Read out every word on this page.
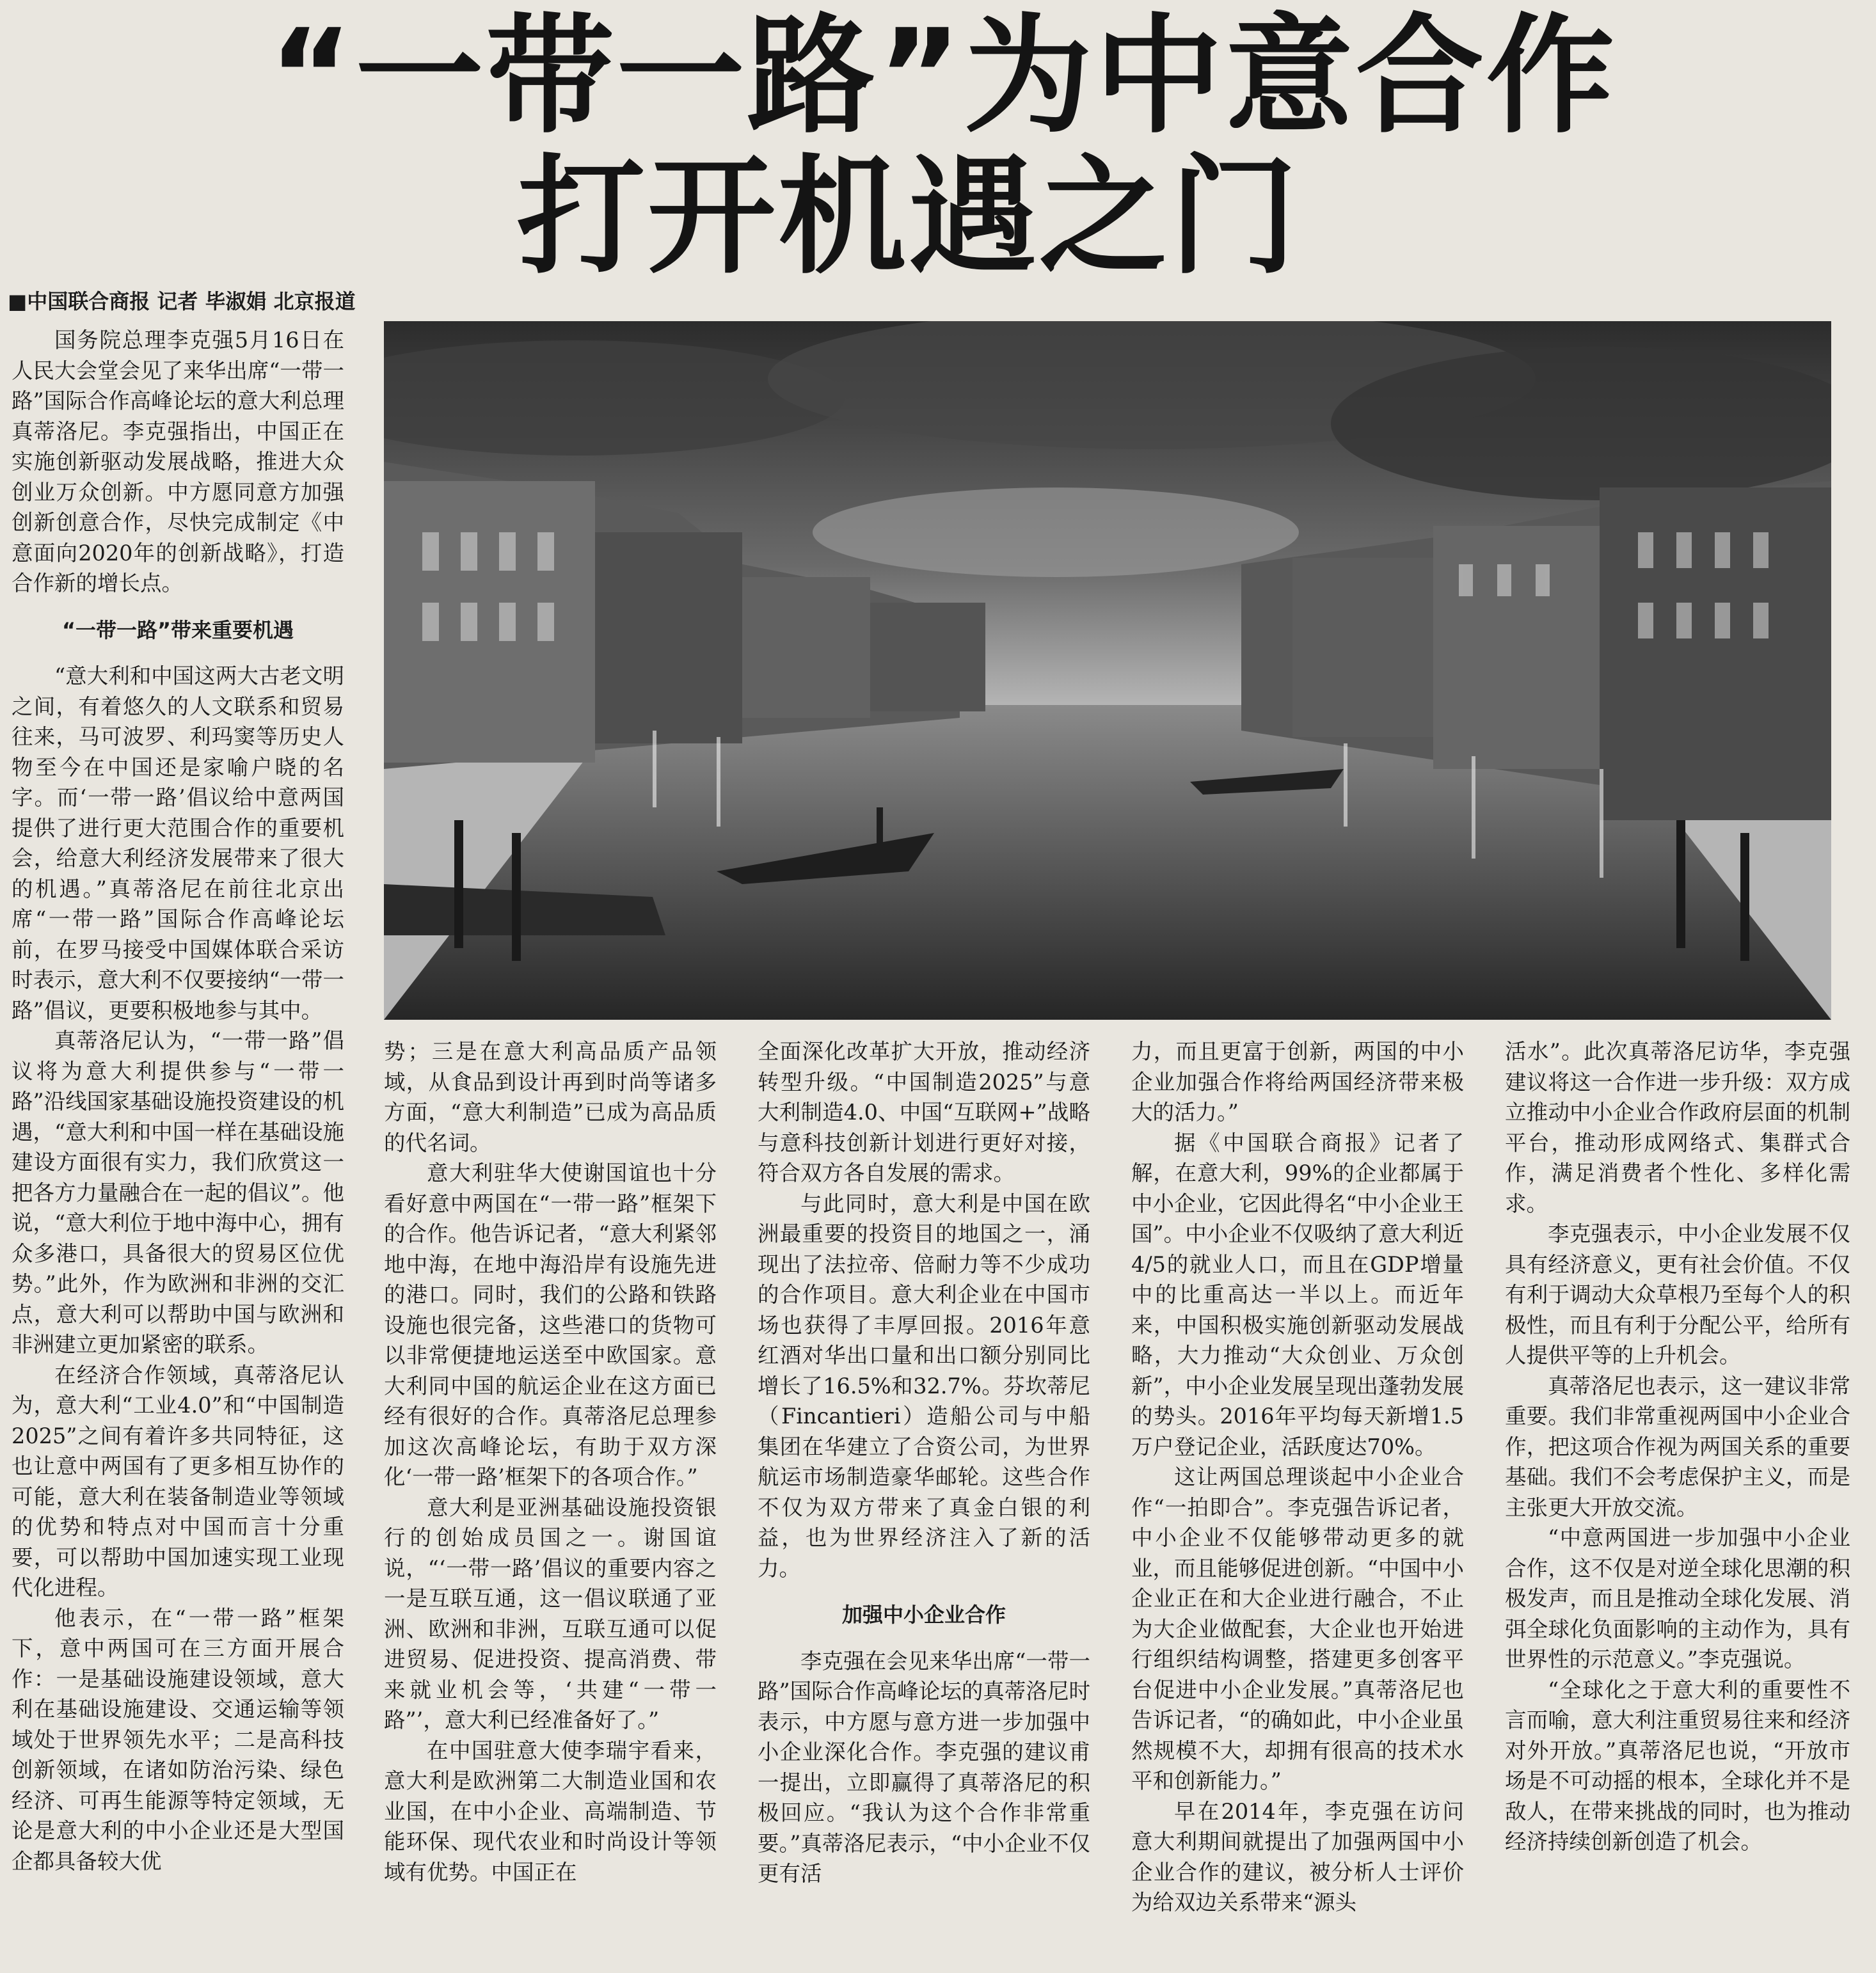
“一带一路”为中意合作
打开机遇之门
■中国联合商报 记者 毕淑娟 北京报道

国务院总理李克强5月16日在人民大会堂会见了来华出席“一带一路”国际合作高峰论坛的意大利总理真蒂洛尼。李克强指出，中国正在实施创新驱动发展战略，推进大众创业万众创新。中方愿同意方加强创新创意合作，尽快完成制定《中意面向2020年的创新战略》，打造合作新的增长点。

“一带一路”带来重要机遇

“意大利和中国这两大古老文明之间，有着悠久的人文联系和贸易往来，马可波罗、利玛窦等历史人物至今在中国还是家喻户晓的名字。而‘一带一路’倡议给中意两国提供了进行更大范围合作的重要机会，给意大利经济发展带来了很大的机遇。”真蒂洛尼在前往北京出席“一带一路”国际合作高峰论坛前，在罗马接受中国媒体联合采访时表示，意大利不仅要接纳“一带一路”倡议，更要积极地参与其中。

真蒂洛尼认为，“一带一路”倡议将为意大利提供参与“一带一路”沿线国家基础设施投资建设的机遇，“意大利和中国一样在基础设施建设方面很有实力，我们欣赏这一把各方力量融合在一起的倡议”。他说，“意大利位于地中海中心，拥有众多港口，具备很大的贸易区位优势。”此外，作为欧洲和非洲的交汇点，意大利可以帮助中国与欧洲和非洲建立更加紧密的联系。

在经济合作领域，真蒂洛尼认为，意大利“工业4.0”和“中国制造2025”之间有着许多共同特征，这也让意中两国有了更多相互协作的可能，意大利在装备制造业等领域的优势和特点对中国而言十分重要，可以帮助中国加速实现工业现代化进程。

他表示，在“一带一路”框架下，意中两国可在三方面开展合作：一是基础设施建设领域，意大利在基础设施建设、交通运输等领域处于世界领先水平；二是高科技创新领域，在诸如防治污染、绿色经济、可再生能源等特定领域，无论是意大利的中小企业还是大型国企都具备较大优

势；三是在意大利高品质产品领域，从食品到设计再到时尚等诸多方面，“意大利制造”已成为高品质的代名词。

意大利驻华大使谢国谊也十分看好意中两国在“一带一路”框架下的合作。他告诉记者，“意大利紧邻地中海，在地中海沿岸有设施先进的港口。同时，我们的公路和铁路设施也很完备，这些港口的货物可以非常便捷地运送至中欧国家。意大利同中国的航运企业在这方面已经有很好的合作。真蒂洛尼总理参加这次高峰论坛，有助于双方深化‘一带一路’框架下的各项合作。”

意大利是亚洲基础设施投资银行的创始成员国之一。谢国谊说，“‘一带一路’倡议的重要内容之一是互联互通，这一倡议联通了亚洲、欧洲和非洲，互联互通可以促进贸易、促进投资、提高消费、带来就业机会等，‘共建“一带一路”’，意大利已经准备好了。”

在中国驻意大使李瑞宇看来，意大利是欧洲第二大制造业国和农业国，在中小企业、高端制造、节能环保、现代农业和时尚设计等领域有优势。中国正在

全面深化改革扩大开放，推动经济转型升级。“中国制造2025”与意大利制造4.0、中国“互联网+”战略与意科技创新计划进行更好对接，符合双方各自发展的需求。

与此同时，意大利是中国在欧洲最重要的投资目的地国之一，涌现出了法拉帝、倍耐力等不少成功的合作项目。意大利企业在中国市场也获得了丰厚回报。2016年意红酒对华出口量和出口额分别同比增长了16.5%和32.7%。芬坎蒂尼（Fincantieri）造船公司与中船集团在华建立了合资公司，为世界航运市场制造豪华邮轮。这些合作不仅为双方带来了真金白银的利益，也为世界经济注入了新的活力。

加强中小企业合作

李克强在会见来华出席“一带一路”国际合作高峰论坛的真蒂洛尼时表示，中方愿与意方进一步加强中小企业深化合作。李克强的建议甫一提出，立即赢得了真蒂洛尼的积极回应。“我认为这个合作非常重要。”真蒂洛尼表示，“中小企业不仅更有活

力，而且更富于创新，两国的中小企业加强合作将给两国经济带来极大的活力。”

据《中国联合商报》记者了解，在意大利，99%的企业都属于中小企业，它因此得名“中小企业王国”。中小企业不仅吸纳了意大利近4/5的就业人口，而且在GDP增量中的比重高达一半以上。而近年来，中国积极实施创新驱动发展战略，大力推动“大众创业、万众创新”，中小企业发展呈现出蓬勃发展的势头。2016年平均每天新增1.5万户登记企业，活跃度达70%。

这让两国总理谈起中小企业合作“一拍即合”。李克强告诉记者，中小企业不仅能够带动更多的就业，而且能够促进创新。“中国中小企业正在和大企业进行融合，不止为大企业做配套，大企业也开始进行组织结构调整，搭建更多创客平台促进中小企业发展。”真蒂洛尼也告诉记者，“的确如此，中小企业虽然规模不大，却拥有很高的技术水平和创新能力。”

早在2014年，李克强在访问意大利期间就提出了加强两国中小企业合作的建议，被分析人士评价为给双边关系带来“源头

活水”。此次真蒂洛尼访华，李克强建议将这一合作进一步升级：双方成立推动中小企业合作政府层面的机制平台，推动形成网络式、集群式合作，满足消费者个性化、多样化需求。

李克强表示，中小企业发展不仅具有经济意义，更有社会价值。不仅有利于调动大众草根乃至每个人的积极性，而且有利于分配公平，给所有人提供平等的上升机会。

真蒂洛尼也表示，这一建议非常重要。我们非常重视两国中小企业合作，把这项合作视为两国关系的重要基础。我们不会考虑保护主义，而是主张更大开放交流。

“中意两国进一步加强中小企业合作，这不仅是对逆全球化思潮的积极发声，而且是推动全球化发展、消弭全球化负面影响的主动作为，具有世界性的示范意义。”李克强说。

“全球化之于意大利的重要性不言而喻，意大利注重贸易往来和经济对外开放。”真蒂洛尼也说，“开放市场是不可动摇的根本，全球化并不是敌人，在带来挑战的同时，也为推动经济持续创新创造了机会。
